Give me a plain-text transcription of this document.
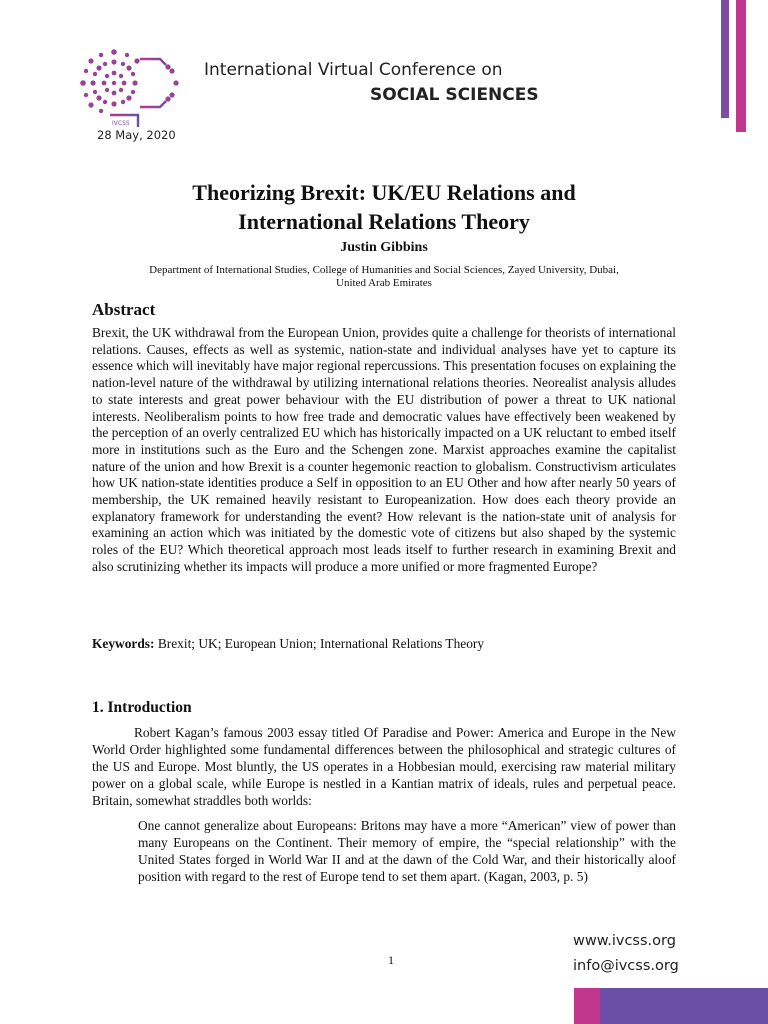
IVCSS
International Virtual Conference on
SOCIAL SCIENCES
28 May, 2020
Theorizing Brexit: UK/EU Relations and
International Relations Theory
Justin Gibbins
Department of International Studies, College of Humanities and Social Sciences, Zayed University, Dubai,
United Arab Emirates
Abstract
Brexit, the UK withdrawal from the European Union, provides quite a challenge for theorists of international relations. Causes, effects as well as systemic, nation-state and individual analyses have yet to capture its essence which will inevitably have major regional repercussions. This presentation focuses on explaining the nation-level nature of the withdrawal by utilizing international relations theories. Neorealist analysis alludes to state interests and great power behaviour with the EU distribution of power a threat to UK national interests. Neoliberalism points to how free trade and democratic values have effectively been weakened by the perception of an overly centralized EU which has historically impacted on a UK reluctant to embed itself more in institutions such as the Euro and the Schengen zone. Marxist approaches examine the capitalist nature of the union and how Brexit is a counter hegemonic reaction to globalism. Constructivism articulates how UK nation-state identities produce a Self in opposition to an EU Other and how after nearly 50 years of membership, the UK remained heavily resistant to Europeanization. How does each theory provide an explanatory framework for understanding the event? How relevant is the nation-state unit of analysis for examining an action which was initiated by the domestic vote of citizens but also shaped by the systemic roles of the EU? Which theoretical approach most leads itself to further research in examining Brexit and also scrutinizing whether its impacts will produce a more unified or more fragmented Europe?
Keywords: Brexit; UK; European Union; International Relations Theory
1. Introduction
Robert Kagan’s famous 2003 essay titled Of Paradise and Power: America and Europe in the New World Order highlighted some fundamental differences between the philosophical and strategic cultures of the US and Europe. Most bluntly, the US operates in a Hobbesian mould, exercising raw material military power on a global scale, while Europe is nestled in a Kantian matrix of ideals, rules and perpetual peace. Britain, somewhat straddles both worlds:
One cannot generalize about Europeans: Britons may have a more “American” view of power than many Europeans on the Continent. Their memory of empire, the “special relationship” with the United States forged in World War II and at the dawn of the Cold War, and their historically aloof position with regard to the rest of Europe tend to set them apart. (Kagan, 2003, p. 5)
1
www.ivcss.org
info@ivcss.org
